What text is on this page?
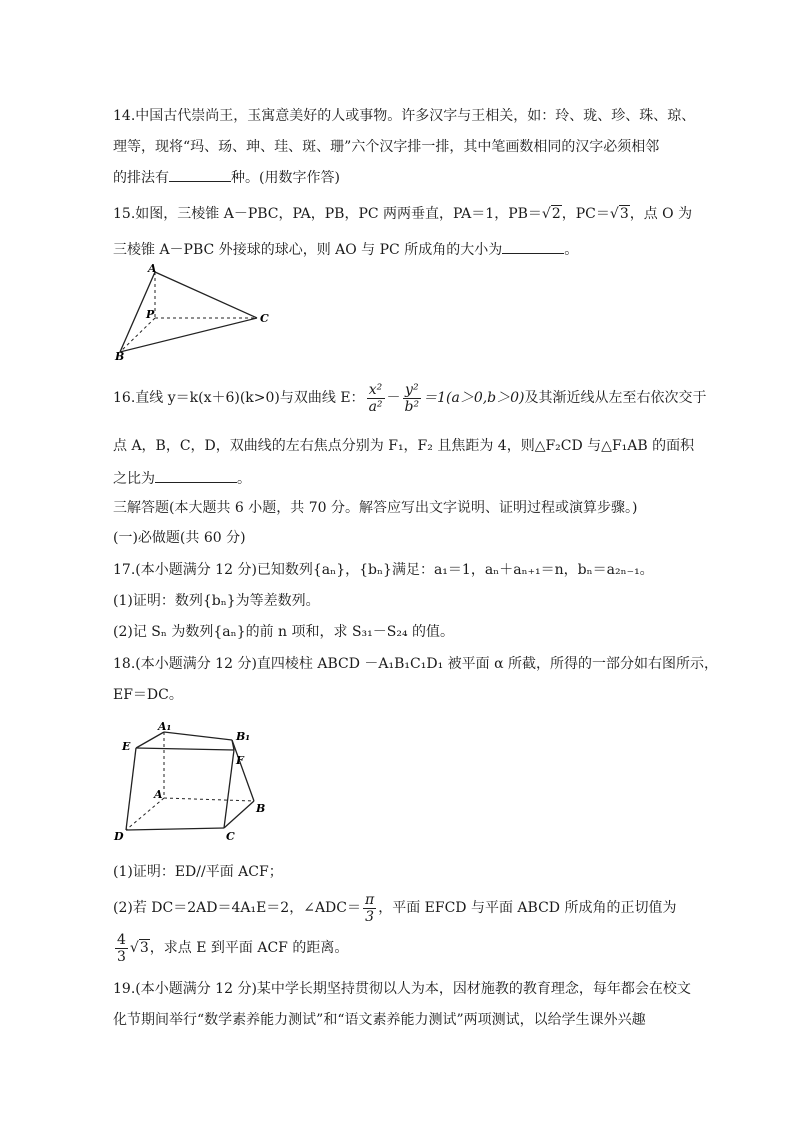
14.中国古代崇尚王，玉寓意美好的人或事物。许多汉字与王相关，如：玲、珑、珍、珠、琼、
理等，现将“玛、玚、珅、珪、斑、珊”六个汉字排一排，其中笔画数相同的汉字必须相邻
的排法有	种。(用数字作答)
15.如图，三棱锥 A－PBC，PA，PB，PC 两两垂直，PA＝1，PB＝√2，PC＝√3，点 O 为
三棱锥 A－PBC 外接球的球心，则 AO 与 PC 所成角的大小为	。
A
P
B
C
16.直线 y＝k(x＋6)(k>0)与双曲线 E： $\frac{\text{x²}}{\text{a²}} - \frac{\text{y²}}{\text{b²}} =1(a>0,b>0)$及其渐近线从左至右依次交于
点 A，B，C，D，双曲线的左右焦点分别为 F₁，F₂ 且焦距为 4，则△F₂CD 与△F₁AB 的面积
之比为	。
三解答题(本大题共 6 小题，共 70 分。解答应写出文字说明、证明过程或演算步骤。)
(一)必做题(共 60 分)
17.(本小题满分 12 分)已知数列{aₙ}，{bₙ}满足：a₁＝1，aₙ＋aₙ₊₁＝n，bₙ＝a₂ₙ₋₁。
(1)证明：数列{bₙ}为等差数列。
(2)记 Sₙ 为数列{aₙ}的前 n 项和，求 S₃₁－S₂₄ 的值。
18.(本小题满分 12 分)直四棱柱 ABCD －A₁B₁C₁D₁ 被平面 α 所截，所得的一部分如右图所示，
EF＝DC。
A₁
B₁
E
F
A
B
C
D
(1)证明：ED//平面 ACF；
(2)若 DC＝2AD＝4A₁E＝2，∠ADC＝ $\frac{\pi}{3}$ ，平面 EFCD 与平面 ABCD 所成角的正切值为
$\frac{4}{3} √3$，求点 E 到平面 ACF 的距离。
19.(本小题满分 12 分)某中学长期坚持贯彻以人为本，因材施教的教育理念，每年都会在校文
化节期间举行“数学素养能力测试”和“语文素养能力测试”两项测试，以给学生课外兴趣
